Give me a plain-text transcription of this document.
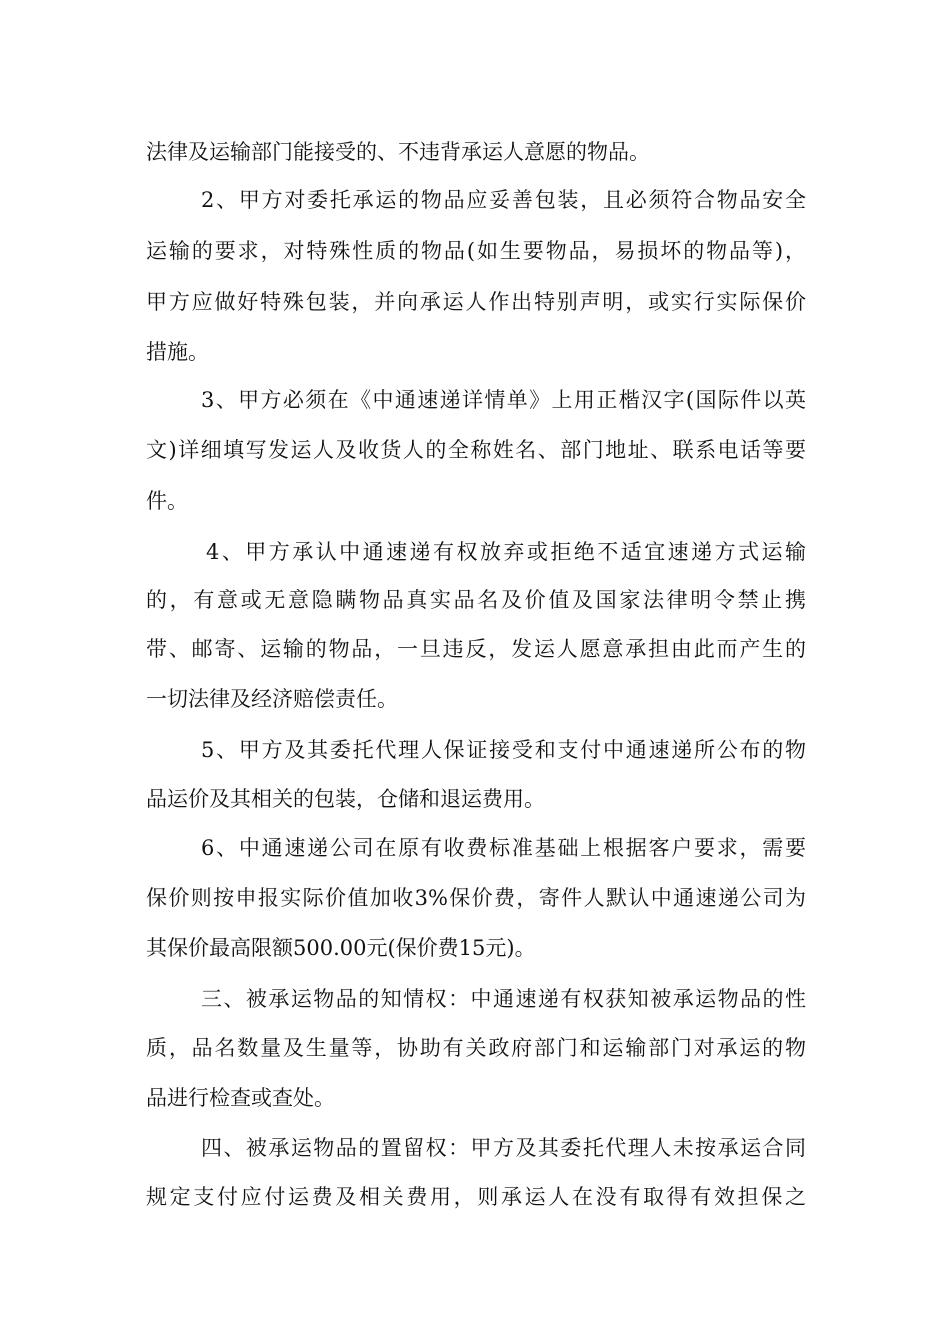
法律及运输部门能接受的、不违背承运人意愿的物品。
2、甲方对委托承运的物品应妥善包装，且必须符合物品安全
运输的要求，对特殊性质的物品(如生要物品，易损坏的物品等)，
甲方应做好特殊包装，并向承运人作出特别声明，或实行实际保价
措施。
3、甲方必须在《中通速递详情单》上用正楷汉字(国际件以英
文)详细填写发运人及收货人的全称姓名、部门地址、联系电话等要
件。
4、甲方承认中通速递有权放弃或拒绝不适宜速递方式运输
的，有意或无意隐瞒物品真实品名及价值及国家法律明令禁止携
带、邮寄、运输的物品，一旦违反，发运人愿意承担由此而产生的
一切法律及经济赔偿责任。
5、甲方及其委托代理人保证接受和支付中通速递所公布的物
品运价及其相关的包装，仓储和退运费用。
6、中通速递公司在原有收费标准基础上根据客户要求，需要
保价则按申报实际价值加收3%保价费，寄件人默认中通速递公司为
其保价最高限额500.00元(保价费15元)。
三、被承运物品的知情权：中通速递有权获知被承运物品的性
质，品名数量及生量等，协助有关政府部门和运输部门对承运的物
品进行检查或查处。
四、被承运物品的置留权：甲方及其委托代理人未按承运合同
规定支付应付运费及相关费用，则承运人在没有取得有效担保之
